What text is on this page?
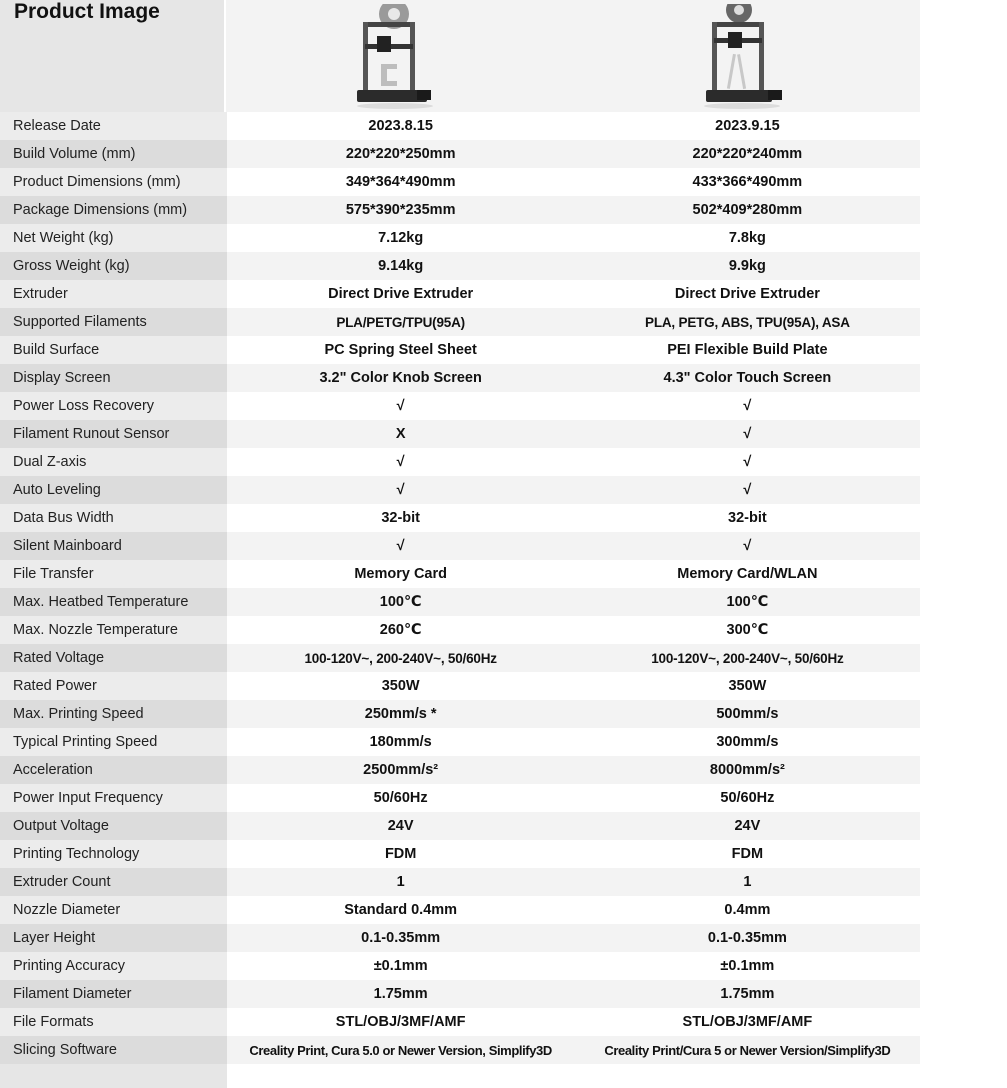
Product Image
Release Date	2023.8.15	2023.9.15
Build Volume (mm)	220*220*250mm	220*220*240mm
Product Dimensions (mm)	349*364*490mm	433*366*490mm
Package Dimensions (mm)	575*390*235mm	502*409*280mm
Net Weight (kg)	7.12kg	7.8kg
Gross Weight (kg)	9.14kg	9.9kg
Extruder	Direct Drive Extruder	Direct Drive Extruder
Supported Filaments	PLA/PETG/TPU(95A)	PLA, PETG, ABS, TPU(95A), ASA
Build Surface	PC Spring Steel Sheet	PEI Flexible Build Plate
Display Screen	3.2" Color Knob Screen	4.3" Color Touch Screen
Power Loss Recovery	√	√
Filament Runout Sensor	X	√
Dual Z-axis	√	√
Auto Leveling	√	√
Data Bus Width	32-bit	32-bit
Silent Mainboard	√	√
File Transfer	Memory Card	Memory Card/WLAN
Max. Heatbed Temperature	100℃	100℃
Max. Nozzle Temperature	260℃	300℃
Rated Voltage	100-120V~, 200-240V~, 50/60Hz	100-120V~, 200-240V~, 50/60Hz
Rated Power	350W	350W
Max. Printing Speed	250mm/s *	500mm/s
Typical Printing Speed	180mm/s	300mm/s
Acceleration	2500mm/s²	8000mm/s²
Power Input Frequency	50/60Hz	50/60Hz
Output Voltage	24V	24V
Printing Technology	FDM	FDM
Extruder Count	1	1
Nozzle Diameter	Standard 0.4mm	0.4mm
Layer Height	0.1-0.35mm	0.1-0.35mm
Printing Accuracy	±0.1mm	±0.1mm
Filament Diameter	1.75mm	1.75mm
File Formats	STL/OBJ/3MF/AMF	STL/OBJ/3MF/AMF
Slicing Software	Creality Print, Cura 5.0 or Newer Version, Simplify3D	Creality Print/Cura 5 or Newer Version/Simplify3D
